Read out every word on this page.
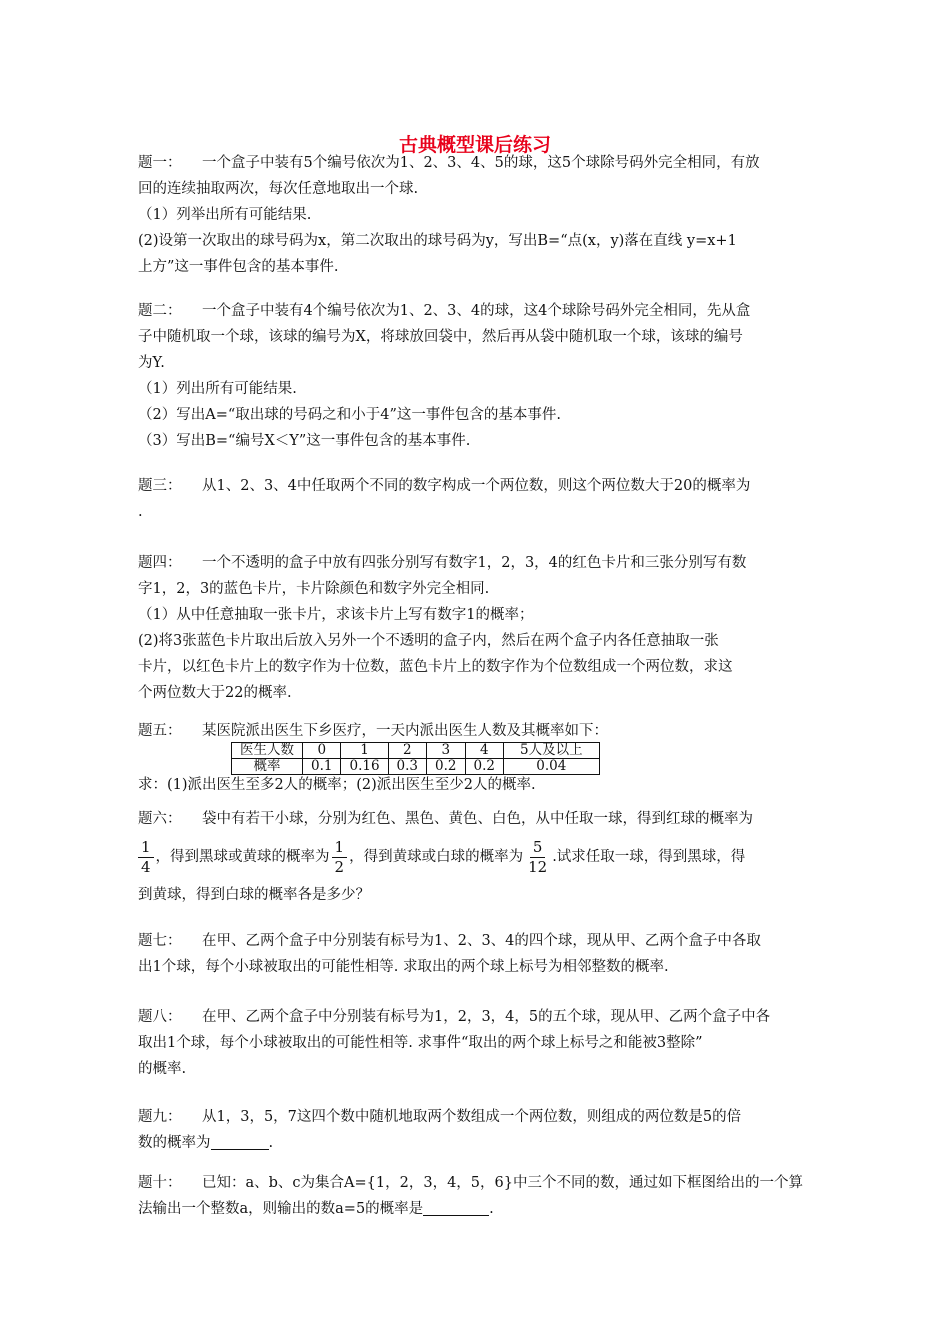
古典概型课后练习
题一： 一个盒子中装有5个编号依次为1、2、3、4、5的球，这5个球除号码外完全相同，有放
回的连续抽取两次，每次任意地取出一个球.
（1）列举出所有可能结果.
(2)设第一次取出的球号码为x，第二次取出的球号码为y，写出B=“点(x，y)落在直线 y=x+1
上方”这一事件包含的基本事件.
题二： 一个盒子中装有4个编号依次为1、2、3、4的球，这4个球除号码外完全相同，先从盒
子中随机取一个球，该球的编号为X，将球放回袋中，然后再从袋中随机取一个球，该球的编号
为Y.
（1）列出所有可能结果.
（2）写出A=“取出球的号码之和小于4”这一事件包含的基本事件.
（3）写出B=“编号X＜Y”这一事件包含的基本事件.
题三： 从1、2、3、4中任取两个不同的数字构成一个两位数，则这个两位数大于20的概率为
.
题四： 一个不透明的盒子中放有四张分别写有数字1，2，3，4的红色卡片和三张分别写有数
字1，2，3的蓝色卡片，卡片除颜色和数字外完全相同.
（1）从中任意抽取一张卡片，求该卡片上写有数字1的概率；
(2)将3张蓝色卡片取出后放入另外一个不透明的盒子内，然后在两个盒子内各任意抽取一张
卡片，以红色卡片上的数字作为十位数，蓝色卡片上的数字作为个位数组成一个两位数，求这
个两位数大于22的概率.
题五： 某医院派出医生下乡医疗，一天内派出医生人数及其概率如下：
医生人数	0	1	2	3	4	5人及以上
概率	0.1	0.16	0.3	0.2	0.2	0.04
求：(1)派出医生至多2人的概率；(2)派出医生至少2人的概率.
题六： 袋中有若干小球，分别为红色、黑色、黄色、白色，从中任取一球，得到红球的概率为
$\frac{1}{4}$ ，得到黑球或黄球的概率为 $\frac{1}{2}$ ，得到黄球或白球的概率为 $\frac{5}{12}$ .试求任取一球，得到黑球，得
到黄球，得到白球的概率各是多少？
题七： 在甲、乙两个盒子中分别装有标号为1、2、3、4的四个球，现从甲、乙两个盒子中各取
出1个球，每个小球被取出的可能性相等. 求取出的两个球上标号为相邻整数的概率.
题八： 在甲、乙两个盒子中分别装有标号为1，2，3，4，5的五个球，现从甲、乙两个盒子中各
取出1个球，每个小球被取出的可能性相等. 求事件“取出的两个球上标号之和能被3整除”
的概率.
题九： 从1，3，5，7这四个数中随机地取两个数组成一个两位数，则组成的两位数是5的倍
数的概率为	.
题十： 已知：a、b、c为集合A={1，2，3，4，5，6}中三个不同的数，通过如下框图给出的一个算
法输出一个整数a，则输出的数a=5的概率是	.
